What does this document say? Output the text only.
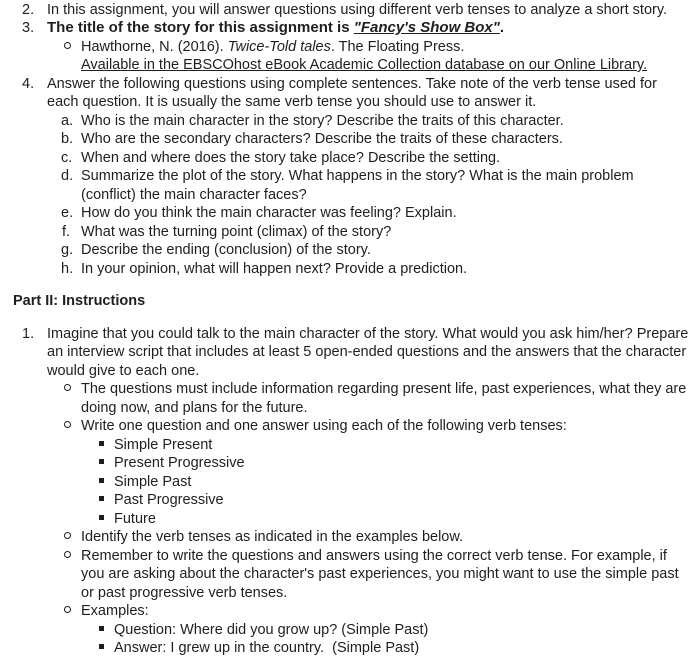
2. In this assignment, you will answer questions using different verb tenses to analyze a short story.
3. The title of the story for this assignment is "Fancy's Show Box".
Hawthorne, N. (2016). Twice-Told tales. The Floating Press.
Available in the EBSCOhost eBook Academic Collection database on our Online Library.
4. Answer the following questions using complete sentences. Take note of the verb tense used for
each question. It is usually the same verb tense you should use to answer it.
a. Who is the main character in the story? Describe the traits of this character.
b. Who are the secondary characters? Describe the traits of these characters.
c. When and where does the story take place? Describe the setting.
d. Summarize the plot of the story. What happens in the story? What is the main problem
(conflict) the main character faces?
e. How do you think the main character was feeling? Explain.
f. What was the turning point (climax) of the story?
g. Describe the ending (conclusion) of the story.
h. In your opinion, what will happen next? Provide a prediction.
Part II: Instructions
1. Imagine that you could talk to the main character of the story. What would you ask him/her? Prepare
an interview script that includes at least 5 open-ended questions and the answers that the character
would give to each one.
The questions must include information regarding present life, past experiences, what they are
doing now, and plans for the future.
Write one question and one answer using each of the following verb tenses:
Simple Present
Present Progressive
Simple Past
Past Progressive
Future
Identify the verb tenses as indicated in the examples below.
Remember to write the questions and answers using the correct verb tense. For example, if
you are asking about the character's past experiences, you might want to use the simple past
or past progressive verb tenses.
Examples:
Question: Where did you grow up? (Simple Past)
Answer: I grew up in the country.  (Simple Past)
